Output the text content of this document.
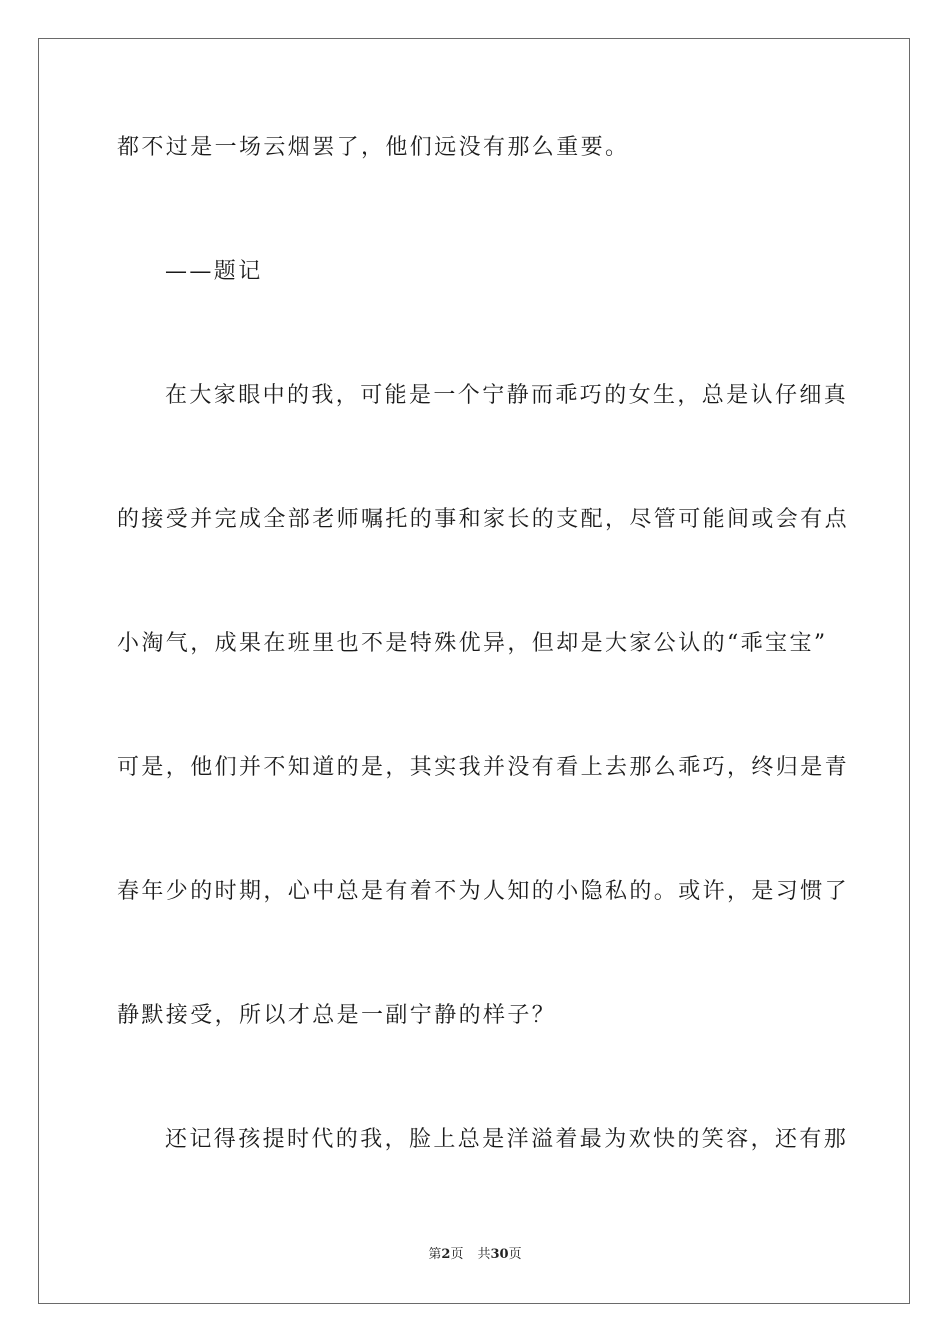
都不过是一场云烟罢了，他们远没有那么重要。
——题记
在大家眼中的我，可能是一个宁静而乖巧的女生，总是认仔细真
的接受并完成全部老师嘱托的事和家长的支配，尽管可能间或会有点
小淘气，成果在班里也不是特殊优异，但却是大家公认的“乖宝宝”
可是，他们并不知道的是，其实我并没有看上去那么乖巧，终归是青
春年少的时期，心中总是有着不为人知的小隐私的。或许，是习惯了
静默接受，所以才总是一副宁静的样子？
还记得孩提时代的我，脸上总是洋溢着最为欢快的笑容，还有那
第2页 共30页
